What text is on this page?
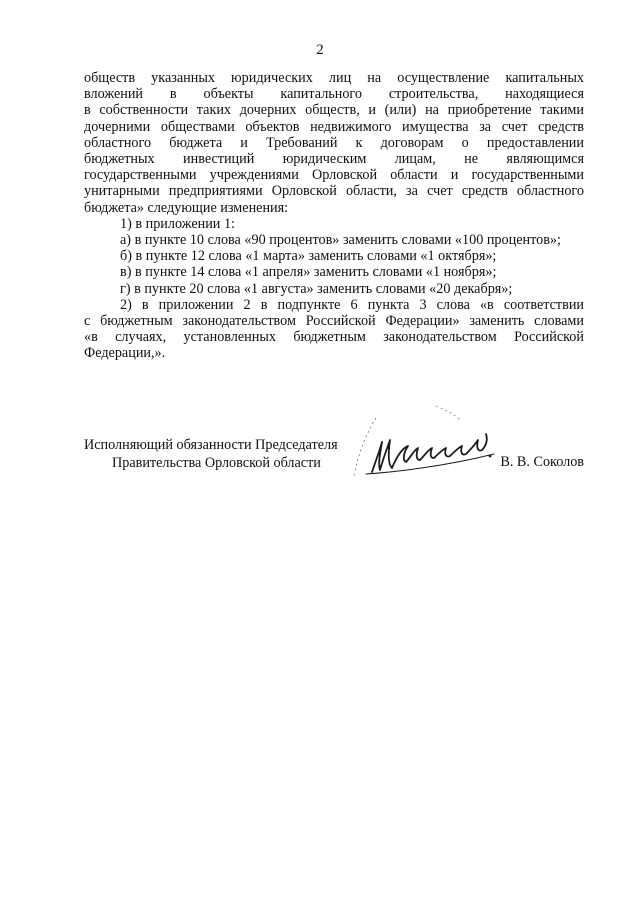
2
обществ указанных юридических лиц на осуществление капитальных
вложений в объекты капитального строительства, находящиеся
в собственности таких дочерних обществ, и (или) на приобретение такими
дочерними обществами объектов недвижимого имущества за счет средств
областного бюджета и Требований к договорам о предоставлении
бюджетных инвестиций юридическим лицам, не являющимся
государственными учреждениями Орловской области и государственными
унитарными предприятиями Орловской области, за счет средств областного
бюджета» следующие изменения:
1) в приложении 1:
а) в пункте 10 слова «90 процентов» заменить словами «100 процентов»;
б) в пункте 12 слова «1 марта» заменить словами «1 октября»;
в) в пункте 14 слова «1 апреля» заменить словами «1 ноября»;
г) в пункте 20 слова «1 августа» заменить словами «20 декабря»;
2) в приложении 2 в подпункте 6 пункта 3 слова «в соответствии
с бюджетным законодательством Российской Федерации» заменить словами
«в случаях, установленных бюджетным законодательством Российской
Федерации,».
Исполняющий обязанности Председателя
Правительства Орловской области	В. В. Соколов
